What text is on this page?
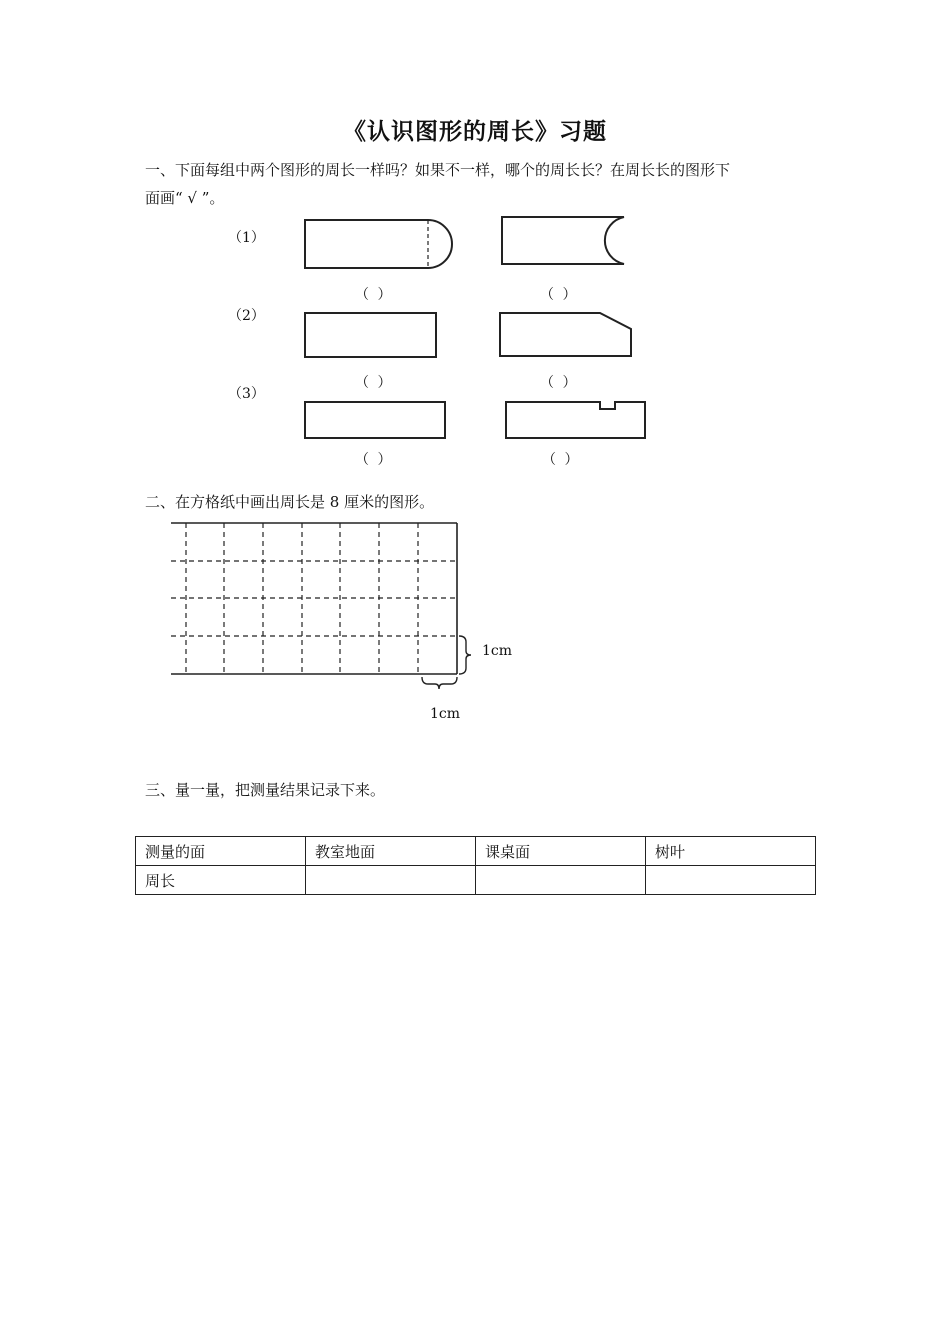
《认识图形的周长》习题
一、下面每组中两个图形的周长一样吗？如果不一样，哪个的周长长？在周长长的图形下
面画“ √ ”。
（1）
（2）
（3）
（ ）	（ ）
（ ）	（ ）
（ ）	（ ）
二、在方格纸中画出周长是 8 厘米的图形。
1cm
1cm
三、量一量，把测量结果记录下来。
测量的面	教室地面	课桌面	树叶
周长			
